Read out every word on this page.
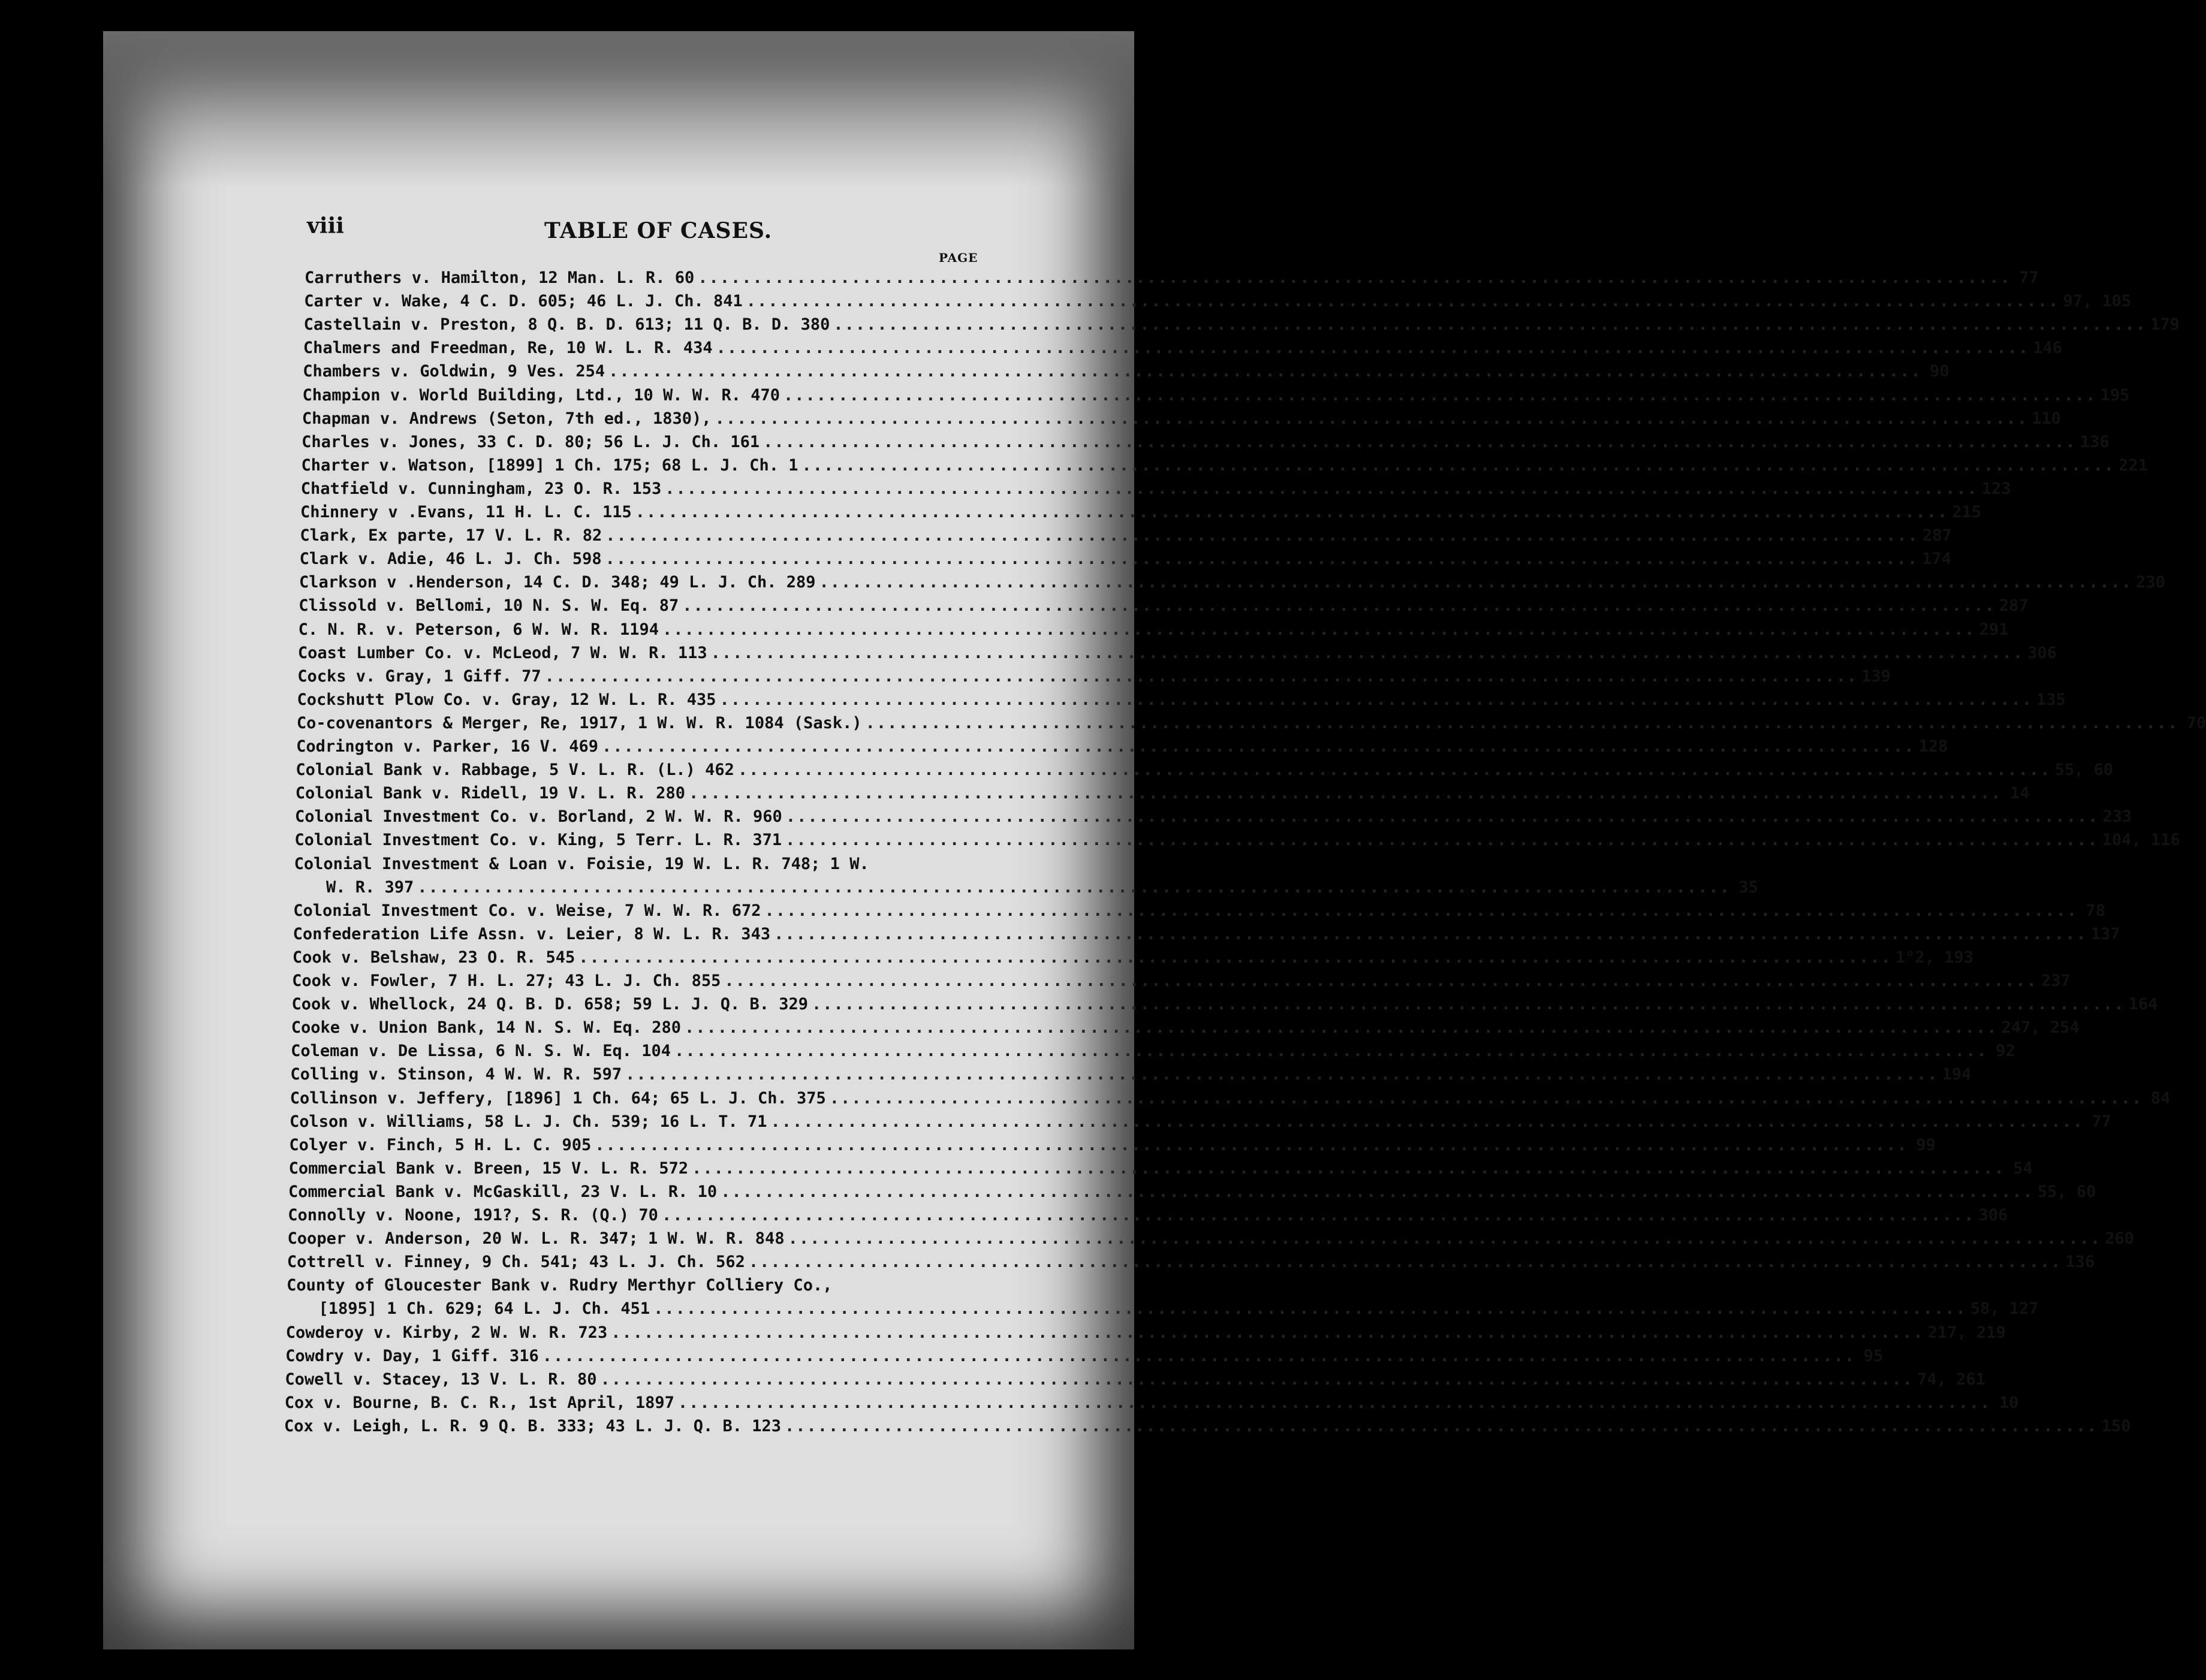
viii	TABLE OF CASES.
PAGE
Carruthers v. Hamilton, 12 Man. L. R. 60 ........................................................................................................................ 77
Carter v. Wake, 4 C. D. 605; 46 L. J. Ch. 841 ........................................................................................................................ 97, 105
Castellain v. Preston, 8 Q. B. D. 613; 11 Q. B. D. 380 ........................................................................................................................ 179
Chalmers and Freedman, Re, 10 W. L. R. 434 ........................................................................................................................ 146
Chambers v. Goldwin, 9 Ves. 254 ........................................................................................................................ 90
Champion v. World Building, Ltd., 10 W. W. R. 470 ........................................................................................................................ 195
Chapman v. Andrews (Seton, 7th ed., 1830), ........................................................................................................................ 110
Charles v. Jones, 33 C. D. 80; 56 L. J. Ch. 161 ........................................................................................................................ 136
Charter v. Watson, [1899] 1 Ch. 175; 68 L. J. Ch. 1 ........................................................................................................................ 221
Chatfield v. Cunningham, 23 O. R. 153 ........................................................................................................................ 123
Chinnery v .Evans, 11 H. L. C. 115 ........................................................................................................................ 215
Clark, Ex parte, 17 V. L. R. 82 ........................................................................................................................ 287
Clark v. Adie, 46 L. J. Ch. 598 ........................................................................................................................ 174
Clarkson v .Henderson, 14 C. D. 348; 49 L. J. Ch. 289 ........................................................................................................................ 230
Clissold v. Bellomi, 10 N. S. W. Eq. 87 ........................................................................................................................ 287
C. N. R. v. Peterson, 6 W. W. R. 1194 ........................................................................................................................ 291
Coast Lumber Co. v. McLeod, 7 W. W. R. 113 ........................................................................................................................ 306
Cocks v. Gray, 1 Giff. 77 ........................................................................................................................ 139
Cockshutt Plow Co. v. Gray, 12 W. L. R. 435 ........................................................................................................................ 135
Co-covenantors & Merger, Re, 1917, 1 W. W. R. 1084 (Sask.) ........................................................................................................................ 70
Codrington v. Parker, 16 V. 469 ........................................................................................................................ 128
Colonial Bank v. Rabbage, 5 V. L. R. (L.) 462 ........................................................................................................................ 55, 60
Colonial Bank v. Ridell, 19 V. L. R. 280 ........................................................................................................................ 14
Colonial Investment Co. v. Borland, 2 W. W. R. 960 ........................................................................................................................ 233
Colonial Investment Co. v. King, 5 Terr. L. R. 371 ........................................................................................................................ 104, 116
Colonial Investment & Loan v. Foisie, 19 W. L. R. 748; 1 W.
W. R. 397 ........................................................................................................................ 35
Colonial Investment Co. v. Weise, 7 W. W. R. 672 ........................................................................................................................ 78
Confederation Life Assn. v. Leier, 8 W. L. R. 343 ........................................................................................................................ 137
Cook v. Belshaw, 23 O. R. 545 ........................................................................................................................ 1°2, 193
Cook v. Fowler, 7 H. L. 27; 43 L. J. Ch. 855 ........................................................................................................................ 237
Cook v. Whellock, 24 Q. B. D. 658; 59 L. J. Q. B. 329 ........................................................................................................................ 164
Cooke v. Union Bank, 14 N. S. W. Eq. 280 ........................................................................................................................ 247, 254
Coleman v. De Lissa, 6 N. S. W. Eq. 104 ........................................................................................................................ 92
Colling v. Stinson, 4 W. W. R. 597 ........................................................................................................................ 194
Collinson v. Jeffery, [1896] 1 Ch. 64; 65 L. J. Ch. 375 ........................................................................................................................ 84
Colson v. Williams, 58 L. J. Ch. 539; 16 L. T. 71 ........................................................................................................................ 77
Colyer v. Finch, 5 H. L. C. 905 ........................................................................................................................ 99
Commercial Bank v. Breen, 15 V. L. R. 572 ........................................................................................................................ 54
Commercial Bank v. McGaskill, 23 V. L. R. 10 ........................................................................................................................ 55, 60
Connolly v. Noone, 191?, S. R. (Q.) 70 ........................................................................................................................ 306
Cooper v. Anderson, 20 W. L. R. 347; 1 W. W. R. 848 ........................................................................................................................ 260
Cottrell v. Finney, 9 Ch. 541; 43 L. J. Ch. 562 ........................................................................................................................ 136
County of Gloucester Bank v. Rudry Merthyr Colliery Co.,
[1895] 1 Ch. 629; 64 L. J. Ch. 451 ........................................................................................................................ 58, 127
Cowderoy v. Kirby, 2 W. W. R. 723 ........................................................................................................................ 217, 219
Cowdry v. Day, 1 Giff. 316 ........................................................................................................................ 95
Cowell v. Stacey, 13 V. L. R. 80 ........................................................................................................................ 74, 261
Cox v. Bourne, B. C. R., 1st April, 1897 ........................................................................................................................ 10
Cox v. Leigh, L. R. 9 Q. B. 333; 43 L. J. Q. B. 123 ........................................................................................................................ 150
